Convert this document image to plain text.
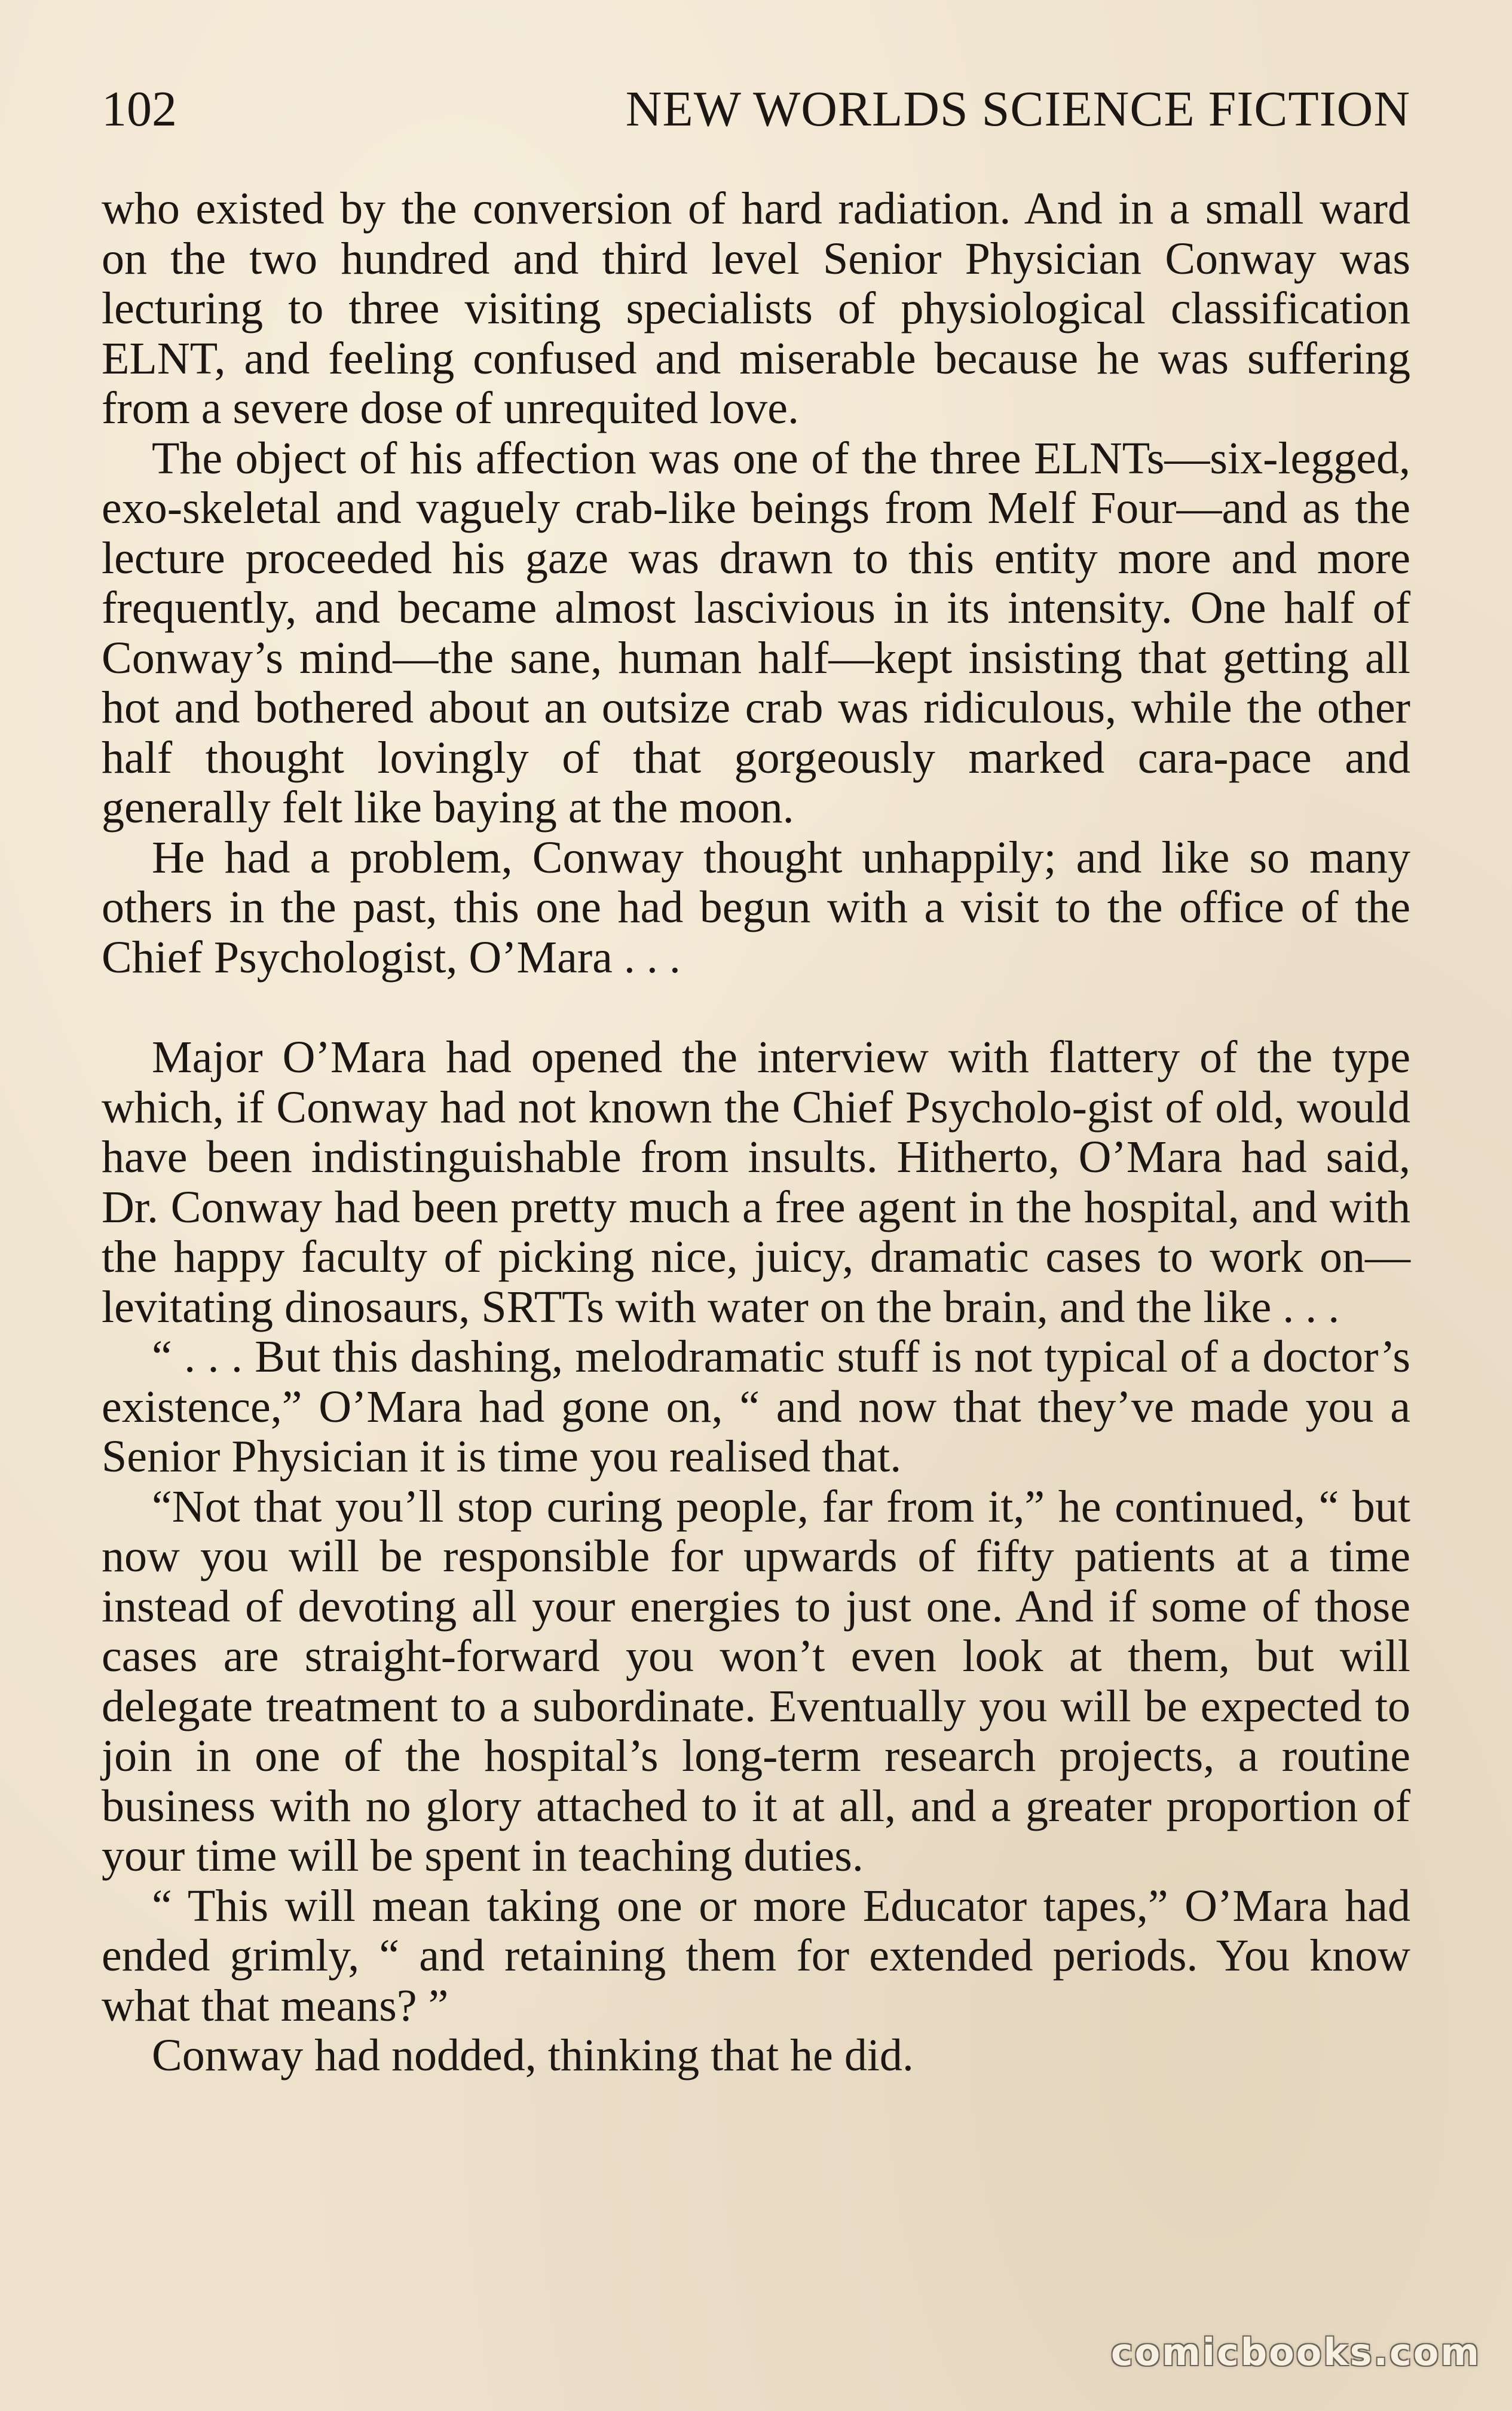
102	NEW WORLDS SCIENCE FICTION

who existed by the conversion of hard radiation. And in a small ward on the two hundred and third level Senior Physician Conway was lecturing to three visiting specialists of physiological classification ELNT, and feeling confused and miserable because he was suffering from a severe dose of unrequited love.

The object of his affection was one of the three ELNTs—six-legged, exo-skeletal and vaguely crab-like beings from Melf Four—and as the lecture proceeded his gaze was drawn to this entity more and more frequently, and became almost lascivious in its intensity. One half of Conway’s mind—the sane, human half—kept insisting that getting all hot and bothered about an outsize crab was ridiculous, while the other half thought lovingly of that gorgeously marked cara-pace and generally felt like baying at the moon.

He had a problem, Conway thought unhappily; and like so many others in the past, this one had begun with a visit to the office of the Chief Psychologist, O’Mara . . .

Major O’Mara had opened the interview with flattery of the type which, if Conway had not known the Chief Psycholo-gist of old, would have been indistinguishable from insults. Hitherto, O’Mara had said, Dr. Conway had been pretty much a free agent in the hospital, and with the happy faculty of picking nice, juicy, dramatic cases to work on—levitating dinosaurs, SRTTs with water on the brain, and the like . . .

“ . . . But this dashing, melodramatic stuff is not typical of a doctor’s existence,” O’Mara had gone on, “ and now that they’ve made you a Senior Physician it is time you realised that.

“Not that you’ll stop curing people, far from it,” he continued, “ but now you will be responsible for upwards of fifty patients at a time instead of devoting all your energies to just one. And if some of those cases are straight-forward you won’t even look at them, but will delegate treatment to a subordinate. Eventually you will be expected to join in one of the hospital’s long-term research projects, a routine business with no glory attached to it at all, and a greater proportion of your time will be spent in teaching duties.

“ This will mean taking one or more Educator tapes,” O’Mara had ended grimly, “ and retaining them for extended periods. You know what that means? ”

Conway had nodded, thinking that he did.

comicbooks.com
